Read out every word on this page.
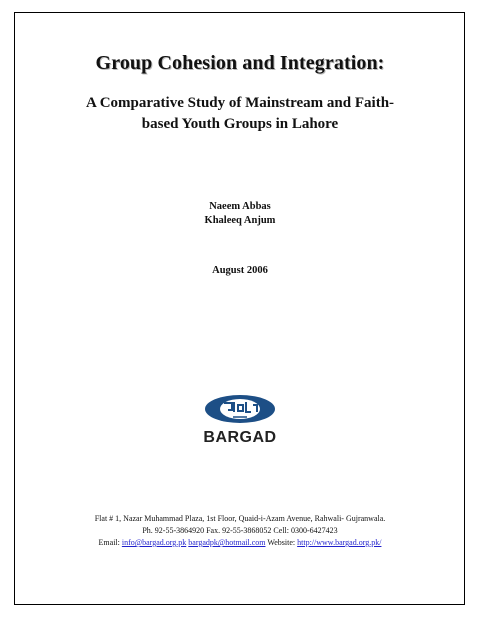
Group Cohesion and Integration:
A Comparative Study of Mainstream and Faith-based Youth Groups in Lahore
Naeem Abbas
Khaleeq Anjum
August 2006
BARGAD
Flat # 1, Nazar Muhammad Plaza, 1st Floor, Quaid-i-Azam Avenue, Rahwali- Gujranwala.
Ph. 92-55-3864920 Fax. 92-55-3868052 Cell: 0300-6427423
Email: info@bargad.org.pk bargadpk@hotmail.com Website: http://www.bargad.org.pk/
